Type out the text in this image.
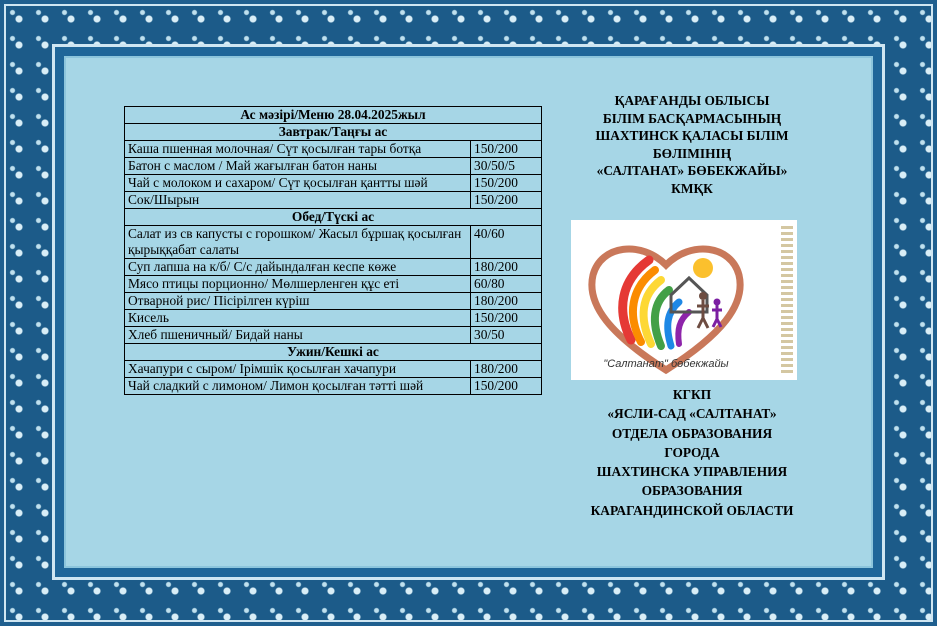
Ас мәзірі/Меню 28.04.2025жыл	
Завтрак/Таңғы ас	
Каша пшенная молочная/ Сүт қосылған тары ботқа	150/200
Батон с маслом / Май жағылған батон наны	30/50/5
Чай с молоком и сахаром/ Сүт қосылған қантты шәй	150/200
Сок/Шырын	150/200
Обед/Түскі ас	
Салат из св капусты с горошком/ Жасыл бұршақ қосылған қырыққабат салаты	40/60
Суп лапша на к/б/ С/с дайындалған кеспе көже	180/200
Мясо птицы порционно/ Мөлшерленген құс еті	60/80
Отварной рис/ Пісірілген күріш	180/200
Кисель	150/200
Хлеб пшеничный/ Бидай наны	30/50
Ужин/Кешкі ас	
Хачапури с сыром/ Ірімшік қосылған хачапури	180/200
Чай сладкий с лимоном/ Лимон қосылған тәтті шәй	150/200
ҚАРАҒАНДЫ ОБЛЫСЫ
БІЛІМ БАСҚАРМАСЫНЫҢ
ШАХТИНСК ҚАЛАСЫ БІЛІМ
БӨЛІМІНІҢ
«САЛТАНАТ» БӨБЕКЖАЙЫ»
КМҚК
"Салтанат" бөбекжайы
КГКП
«ЯСЛИ-САД «САЛТАНАТ»
ОТДЕЛА ОБРАЗОВАНИЯ
ГОРОДА
ШАХТИНСКА УПРАВЛЕНИЯ
ОБРАЗОВАНИЯ
КАРАГАНДИНСКОЙ ОБЛАСТИ
